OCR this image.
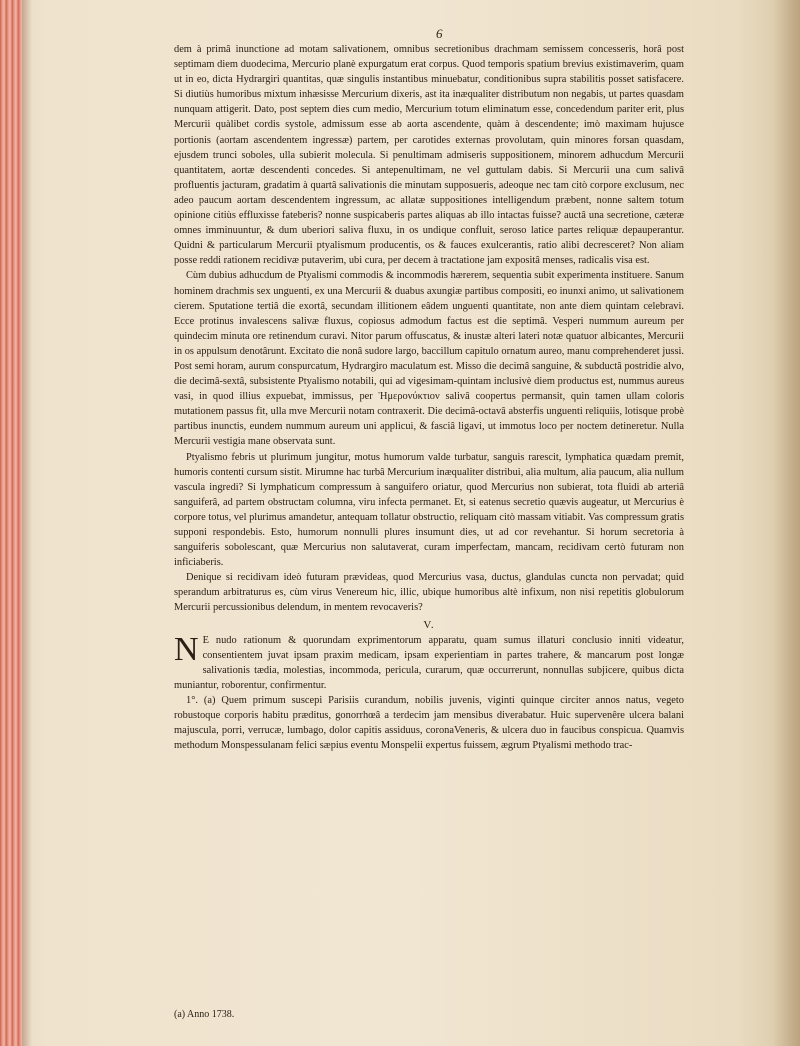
6

dem à primâ inunctione ad motam salivationem, omnibus secretionibus drachmam semissem concesseris, horâ post septimam diem duodecima, Mercurio planè expurgatum erat corpus. Quod temporis spatium brevius existimaverim, quam ut in eo, dicta Hydrargiri quantitas, quæ singulis instantibus minuebatur, conditionibus supra stabilitis posset satisfacere. Si diutiùs humoribus mixtum inhæsisse Mercurium dixeris, ast ita inæqualiter distributum non negabis, ut partes quasdam nunquam attigerit. Dato, post septem dies cum medio, Mercurium totum eliminatum esse, concedendum pariter erit, plus Mercurii quàlibet cordis systole, admissum esse ab aorta ascendente, quàm à descendente; imò maximam hujusce portionis (aortam ascendentem ingressæ) partem, per carotides externas provolutam, quin minores forsan quasdam, ejusdem trunci soboles, ulla subierit molecula. Si penultimam admiseris suppositionem, minorem adhucdum Mercurii quantitatem, aortæ descendenti concedes. Si antepenultimam, ne vel guttulam dabis. Si Mercurii una cum salivâ profluentis jacturam, gradatim à quartâ salivationis die minutam supposueris, adeoque nec tam citò corpore exclusum, nec adeo paucum aortam descendentem ingressum, ac allatæ suppositiones intelligendum præbent, nonne saltem totum opinione citiùs effluxisse fateberis? nonne suspicaberis partes aliquas ab illo intactas fuisse? auctâ una secretione, cæteræ omnes imminuuntur, & dum uberiori saliva fluxu, in os undique confluit, seroso latice partes reliquæ depauperantur. Quidni & particularum Mercurii ptyalismum producentis, os & fauces exulcerantis, ratio alibi decresceret? Non aliam posse reddi rationem recidivæ putaverim, ubi cura, per decem à tractatione jam expositâ menses, radicalis visa est.

Cùm dubius adhucdum de Ptyalismi commodis & incommodis hærerem, sequentia subit experimenta instituere. Sanum hominem drachmis sex unguenti, ex una Mercurii & duabus axungiæ partibus compositi, eo inunxi animo, ut salivationem cierem. Sputatione tertiâ die exortâ, secundam illitionem eâdem unguenti quantitate, non ante diem quintam celebravi. Ecce protinus invalescens salivæ fluxus, copiosus admodum factus est die septimâ. Vesperi nummum aureum per quindecim minuta ore retinendum curavi. Nitor parum offuscatus, & inustæ alteri lateri notæ quatuor albicantes, Mercurii in os appulsum denotârunt. Excitato die nonâ sudore largo, baccillum capitulo ornatum aureo, manu comprehenderet jussi. Post semi horam, aurum conspurcatum, Hydrargiro maculatum est. Misso die decimâ sanguine, & subductâ postridie alvo, die decimâ-sextâ, subsistente Ptyalismo notabili, qui ad vigesimam-quintam inclusivè diem productus est, nummus aureus vasi, in quod illius expuebat, immissus, per Ἡμερονύκτιον salivâ coopertus permansit, quin tamen ullam coloris mutationem passus fit, ulla mve Mercurii notam contraxerit. Die decimâ-octavâ absterfis unguenti reliquiis, lotisque probè partibus inunctis, eundem nummum aureum uni applicui, & fasciâ ligavi, ut immotus loco per noctem detineretur. Nulla Mercurii vestigia mane observata sunt.

Ptyalismo febris ut plurimum jungitur, motus humorum valde turbatur, sanguis rarescit, lymphatica quædam premit, humoris contenti cursum sistit. Mirumne hac turbâ Mercurium inæqualiter distribui, alia multum, alia paucum, alia nullum vascula ingredi? Si lymphaticum compressum à sanguifero oriatur, quod Mercurius non subierat, tota fluidi ab arteriâ sanguiferâ, ad partem obstructam columna, viru infecta permanet. Et, si eatenus secretio quævis augeatur, ut Mercurius è corpore totus, vel plurimus amandetur, antequam tollatur obstructio, reliquam citò massam vitiabit. Vas compressum gratis supponi respondebis. Esto, humorum nonnulli plures insumunt dies, ut ad cor revehantur. Si horum secretoria à sanguiferis sobolescant, quæ Mercurius non salutaverat, curam imperfectam, mancam, recidivam certò futuram non inficiaberis.

Denique si recidivam ideò futuram prævideas, quod Mercurius vasa, ductus, glandulas cuncta non pervadat; quid sperandum arbitraturus es, cùm virus Venereum hic, illic, ubique humoribus altè infixum, non nisi repetitis globulorum Mercurii percussionibus delendum, in mentem revocaveris?

V.

N E nudo rationum & quorundam exprimentorum apparatu, quam sumus illaturi conclusio inniti videatur, consentientem juvat ipsam praxim medicam, ipsam experientiam in partes trahere, & mancarum post longæ salivationis tædia, molestias, incommoda, pericula, curarum, quæ occurrerunt, nonnullas subjicere, quibus dicta muniantur, roborentur, confirmentur.

1°. (a) Quem primum suscepi Parisiis curandum, nobilis juvenis, viginti quinque circiter annos natus, vegeto robustoque corporis habitu præditus, gonorrhœâ a terdecim jam mensibus diverabatur. Huic supervenêre ulcera balani majuscula, porri, verrucæ, lumbago, dolor capitis assiduus, coronaVeneris, & ulcera duo in faucibus conspicua. Quamvis methodum Monspessulanam felici sæpius eventu Monspelii expertus fuissem, ægrum Ptyalismi methodo trac-

(a) Anno 1738.
